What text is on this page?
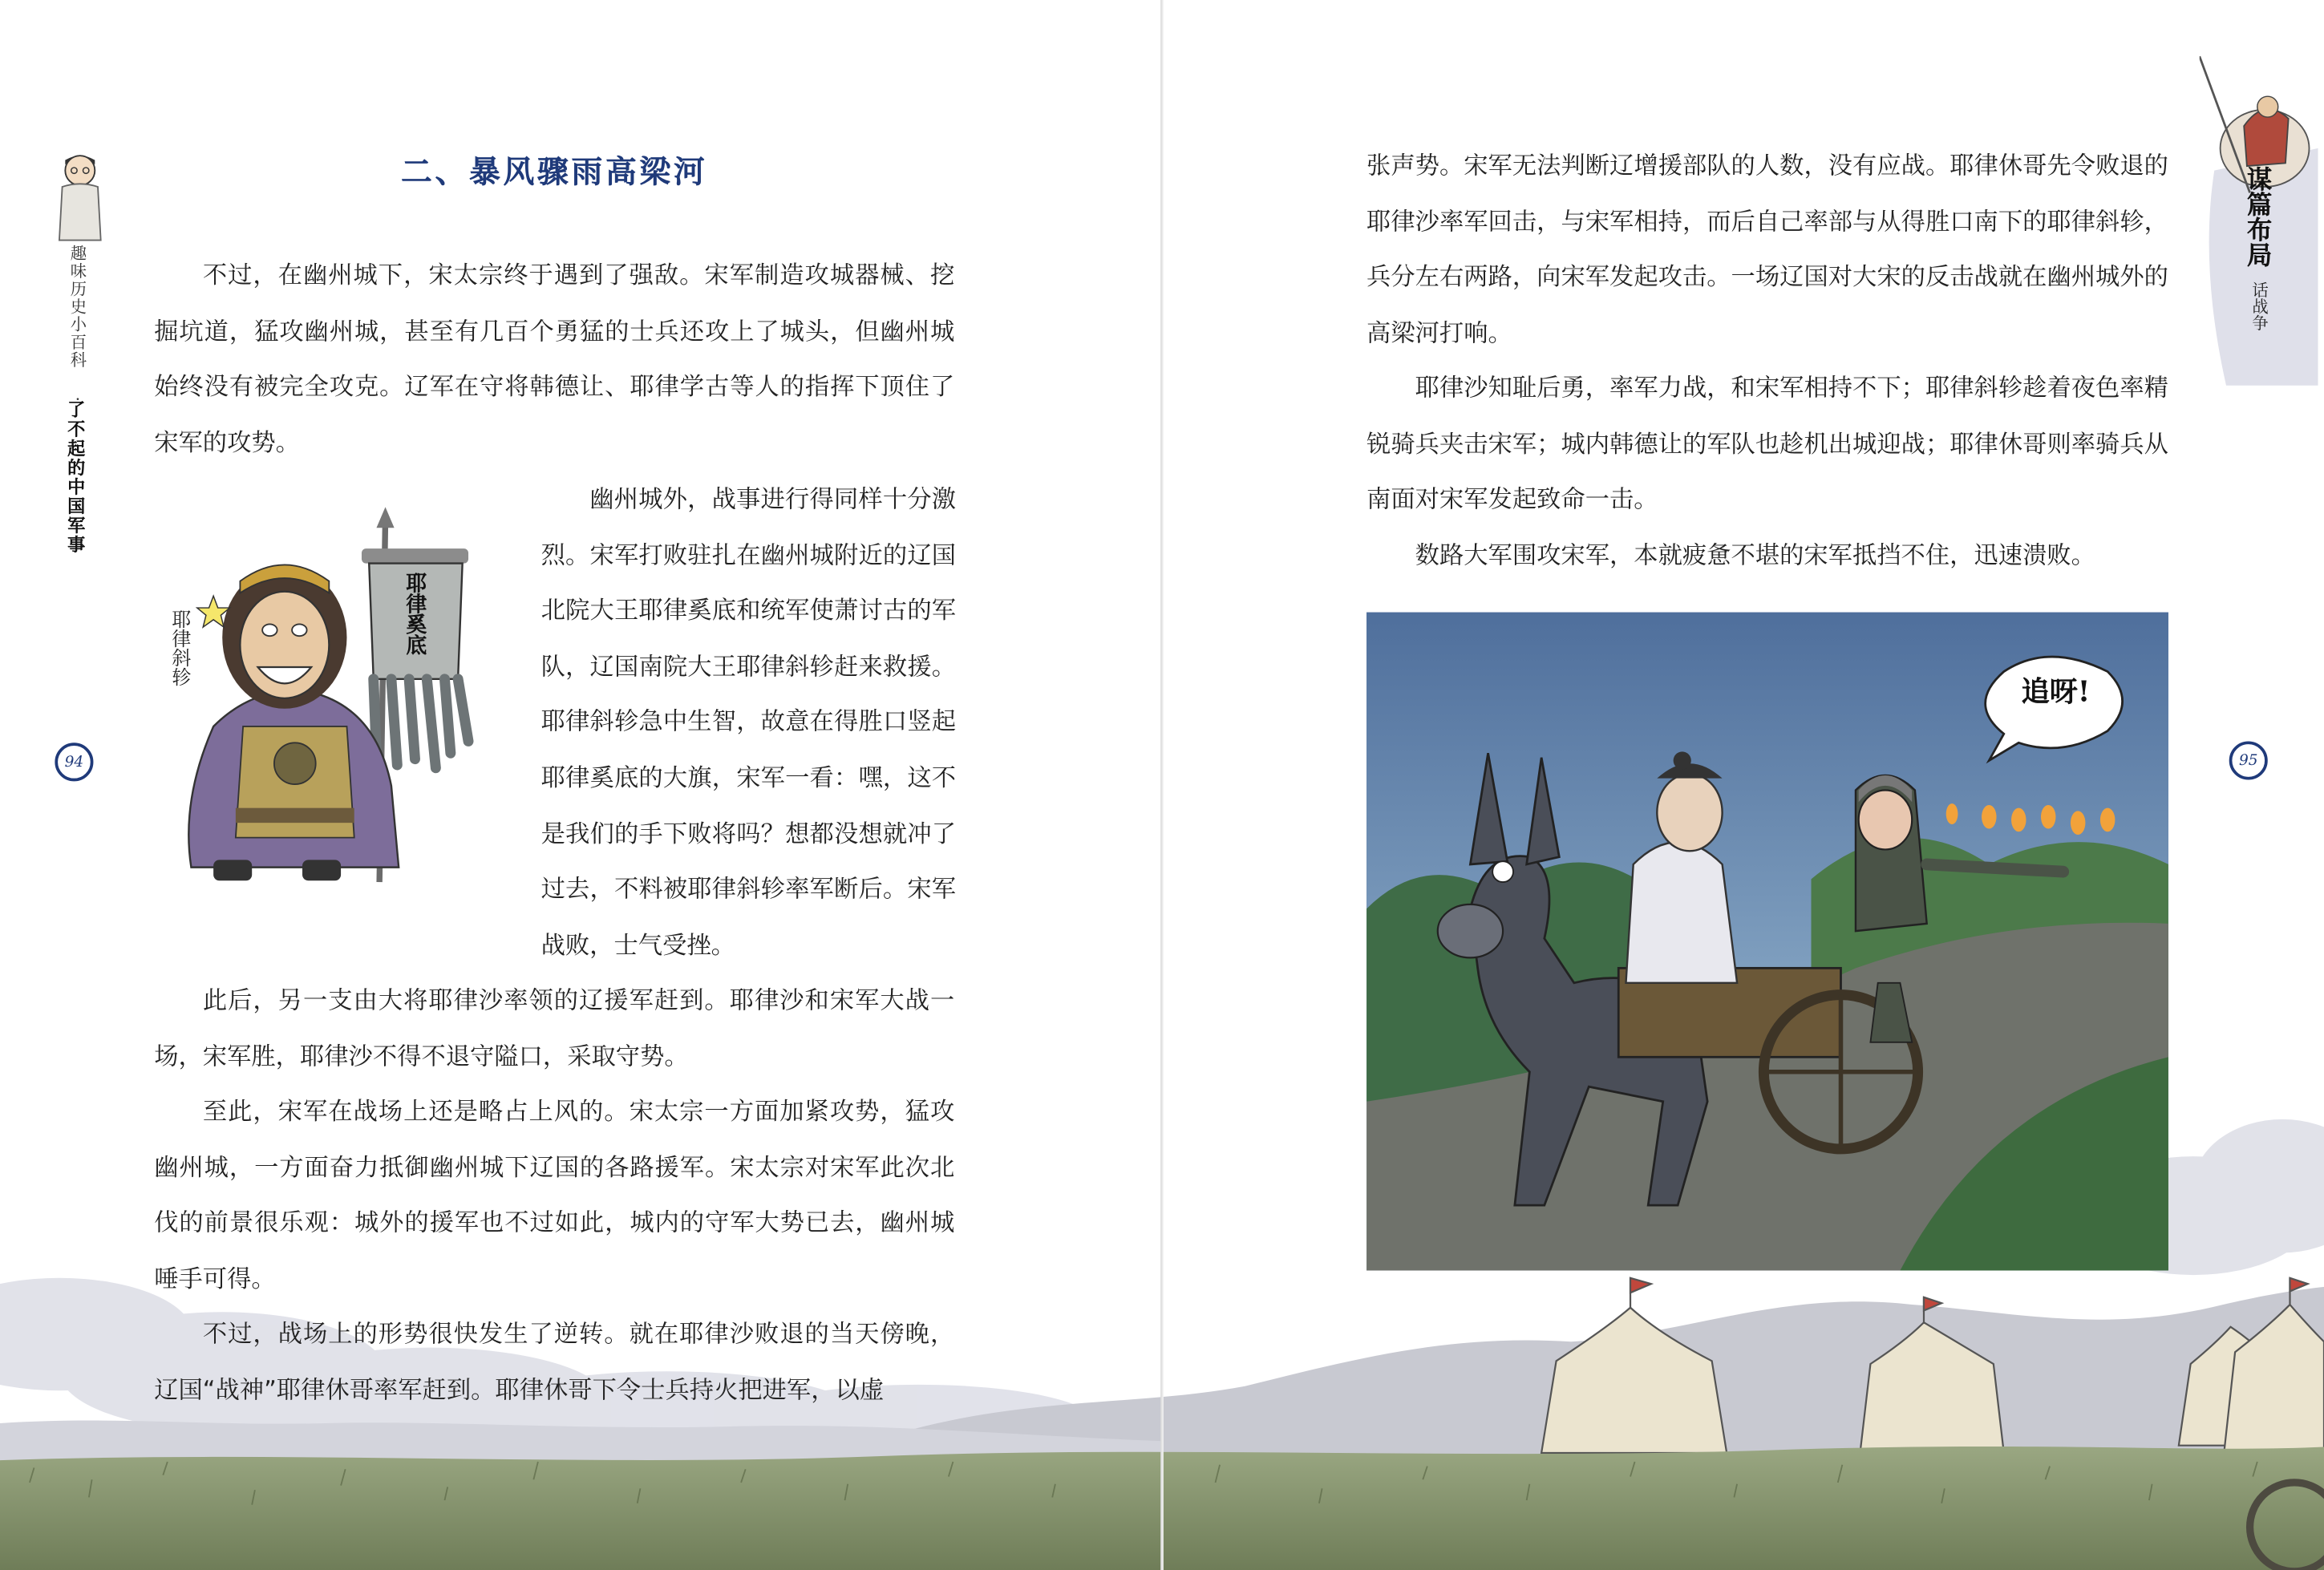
趣味历史小百科 ·
了不起的中国军事
94
二、暴风骤雨高梁河
不过，在幽州城下，宋太宗终于遇到了强敌。宋军制造攻城器械、挖掘坑道，猛攻幽州城，甚至有几百个勇猛的士兵还攻上了城头，但幽州城始终没有被完全攻克。辽军在守将韩德让、耶律学古等人的指挥下顶住了宋军的攻势。
耶律奚底
耶律斜轸
幽州城外，战事进行得同样十分激烈。宋军打败驻扎在幽州城附近的辽国北院大王耶律奚底和统军使萧讨古的军队，辽国南院大王耶律斜轸赶来救援。耶律斜轸急中生智，故意在得胜口竖起耶律奚底的大旗，宋军一看：嘿，这不是我们的手下败将吗？想都没想就冲了过去，不料被耶律斜轸率军断后。宋军战败，士气受挫。
此后，另一支由大将耶律沙率领的辽援军赶到。耶律沙和宋军大战一场，宋军胜，耶律沙不得不退守隘口，采取守势。
至此，宋军在战场上还是略占上风的。宋太宗一方面加紧攻势，猛攻幽州城，一方面奋力抵御幽州城下辽国的各路援军。宋太宗对宋军此次北伐的前景很乐观：城外的援军也不过如此，城内的守军大势已去，幽州城唾手可得。
不过，战场上的形势很快发生了逆转。就在耶律沙败退的当天傍晚，辽国“战神”耶律休哥率军赶到。耶律休哥下令士兵持火把进军，以虚
谋篇布局
话战争
95
张声势。宋军无法判断辽增援部队的人数，没有应战。耶律休哥先令败退的耶律沙率军回击，与宋军相持，而后自己率部与从得胜口南下的耶律斜轸，兵分左右两路，向宋军发起攻击。一场辽国对大宋的反击战就在幽州城外的高梁河打响。
耶律沙知耻后勇，率军力战，和宋军相持不下；耶律斜轸趁着夜色率精锐骑兵夹击宋军；城内韩德让的军队也趁机出城迎战；耶律休哥则率骑兵从南面对宋军发起致命一击。
数路大军围攻宋军，本就疲惫不堪的宋军抵挡不住，迅速溃败。
追呀!
